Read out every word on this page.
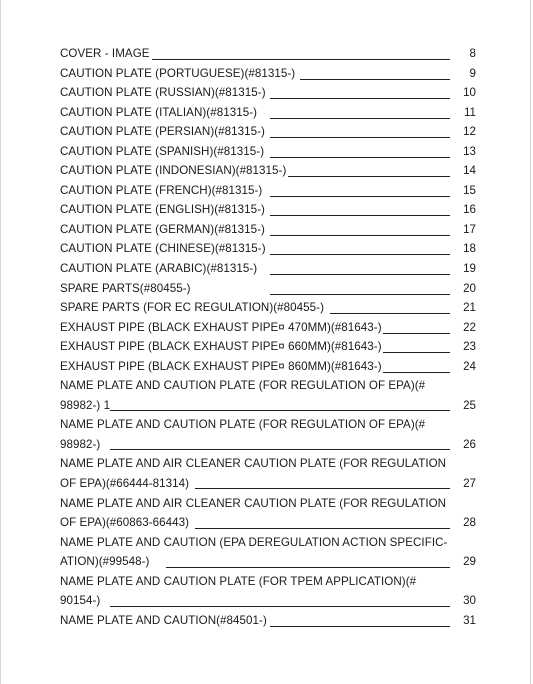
COVER - IMAGE	8
CAUTION PLATE (PORTUGUESE)(#81315-)	9
CAUTION PLATE (RUSSIAN)(#81315-)	10
CAUTION PLATE (ITALIAN)(#81315-)	11
CAUTION PLATE (PERSIAN)(#81315-)	12
CAUTION PLATE (SPANISH)(#81315-)	13
CAUTION PLATE (INDONESIAN)(#81315-)	14
CAUTION PLATE (FRENCH)(#81315-)	15
CAUTION PLATE (ENGLISH)(#81315-)	16
CAUTION PLATE (GERMAN)(#81315-)	17
CAUTION PLATE (CHINESE)(#81315-)	18
CAUTION PLATE (ARABIC)(#81315-)	19
SPARE PARTS(#80455-)	20
SPARE PARTS (FOR EC REGULATION)(#80455-)	21
EXHAUST PIPE (BLACK EXHAUST PIPE¤ 470MM)(#81643-)	22
EXHAUST PIPE (BLACK EXHAUST PIPE¤ 660MM)(#81643-)	23
EXHAUST PIPE (BLACK EXHAUST PIPE¤ 860MM)(#81643-)	24
NAME PLATE AND CAUTION PLATE (FOR REGULATION OF EPA)(#
98982-) 1	25
NAME PLATE AND CAUTION PLATE (FOR REGULATION OF EPA)(#
98982-)	26
NAME PLATE AND AIR CLEANER CAUTION PLATE (FOR REGULATION
OF EPA)(#66444-81314)	27
NAME PLATE AND AIR CLEANER CAUTION PLATE (FOR REGULATION
OF EPA)(#60863-66443)	28
NAME PLATE AND CAUTION (EPA DEREGULATION ACTION SPECIFIC-
ATION)(#99548-)	29
NAME PLATE AND CAUTION PLATE (FOR TPEM APPLICATION)(#
90154-)	30
NAME PLATE AND CAUTION(#84501-)	31
